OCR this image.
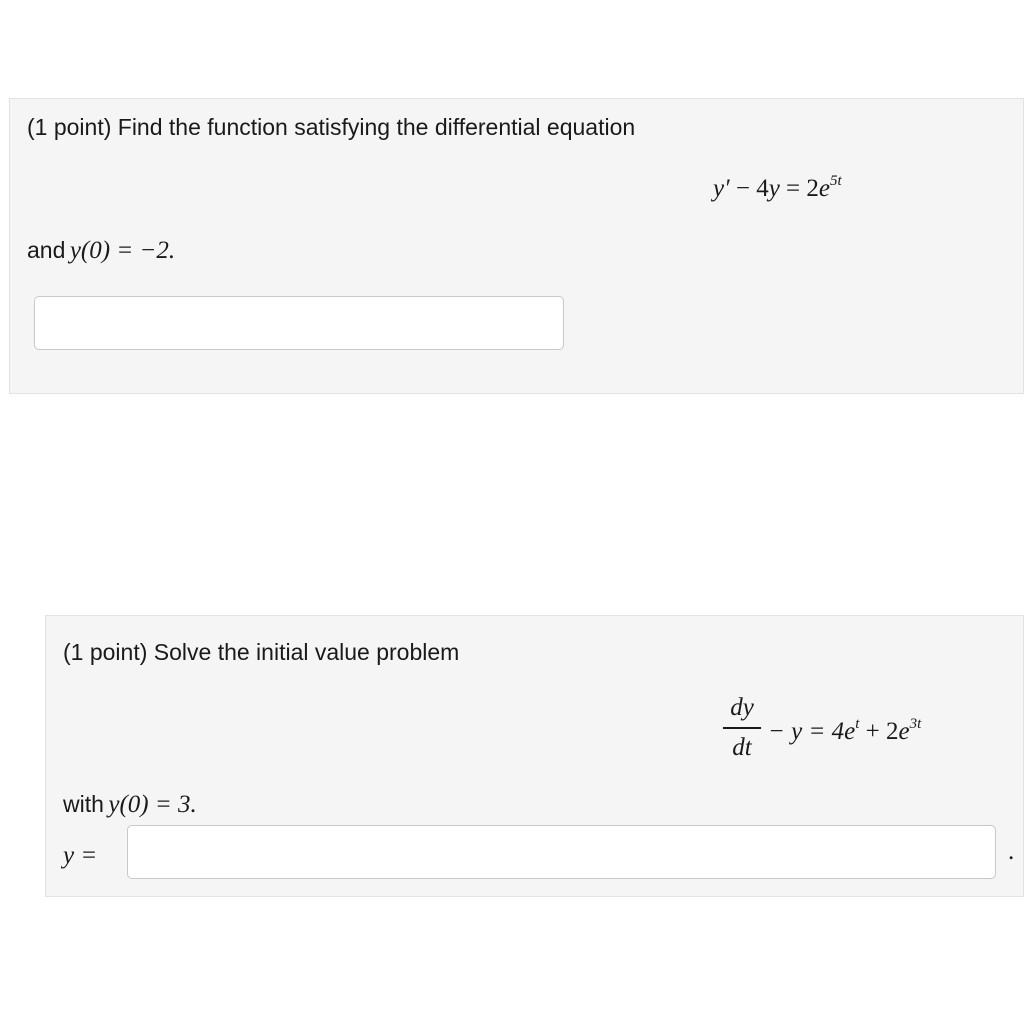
(1 point) Find the function satisfying the differential equation
$y' - 4y = 2e^{5t}$
and y(0) = −2.
(1 point) Solve the initial value problem
dy
dt
− $y = 4e^t + 2e^{3t}$
with y(0) = 3.
y =	.
